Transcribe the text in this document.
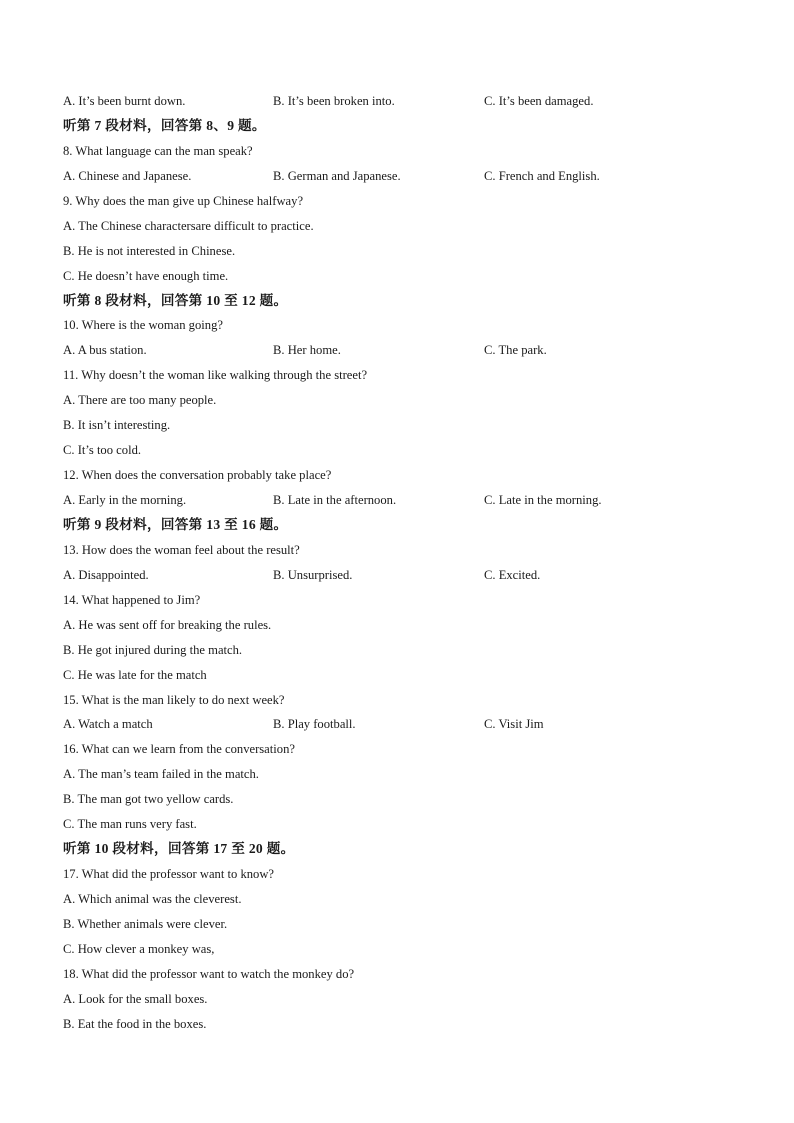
A. It’s been burnt down.	B. It’s been broken into.	C. It’s been damaged.
听第 7 段材料，回答第 8、9 题。
8. What language can the man speak?
A. Chinese and Japanese.	B. German and Japanese.	C. French and English.
9. Why does the man give up Chinese halfway?
A. The Chinese charactersare difficult to practice.
B. He is not interested in Chinese.
C. He doesn’t have enough time.
听第 8 段材料，回答第 10 至 12 题。
10. Where is the woman going?
A. A bus station.	B. Her home.	C. The park.
11. Why doesn’t the woman like walking through the street?
A. There are too many people.
B. It isn’t interesting.
C. It’s too cold.
12. When does the conversation probably take place?
A. Early in the morning.	B. Late in the afternoon.	C. Late in the morning.
听第 9 段材料，回答第 13 至 16 题。
13. How does the woman feel about the result?
A. Disappointed.	B. Unsurprised.	C. Excited.
14. What happened to Jim?
A. He was sent off for breaking the rules.
B. He got injured during the match.
C. He was late for the match
15. What is the man likely to do next week?
A. Watch a match	B. Play football.	C. Visit Jim
16. What can we learn from the conversation?
A. The man’s team failed in the match.
B. The man got two yellow cards.
C. The man runs very fast.
听第 10 段材料，回答第 17 至 20 题。
17. What did the professor want to know?
A. Which animal was the cleverest.
B. Whether animals were clever.
C. How clever a monkey was,
18. What did the professor want to watch the monkey do?
A. Look for the small boxes.
B. Eat the food in the boxes.
